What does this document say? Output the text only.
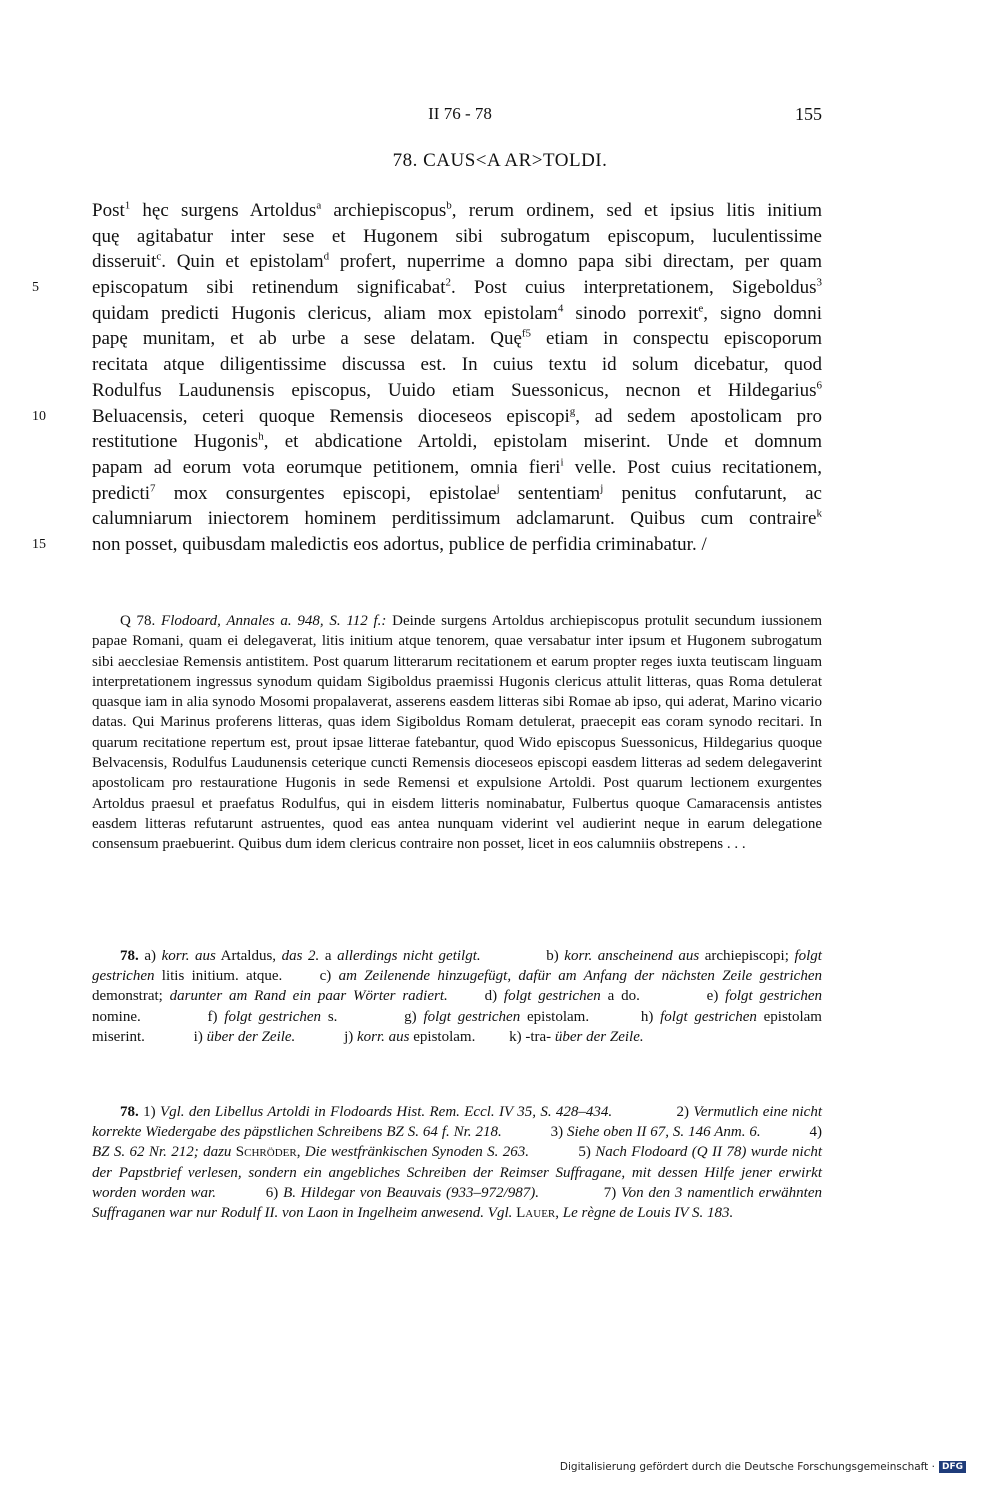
II 76 - 78	155
78. CAUS<A AR>TOLDI.
Post$^1$ hęc surgens Artoldus$^a$ archiepiscopus$^b$, rerum ordinem, sed et ipsius litis initium
quę agitabatur inter sese et Hugonem sibi subrogatum episcopum, luculentissime
disseruit$^c$. Quin et epistolam$^d$ profert, nuperrime a domno papa sibi directam, per quam
5	episcopatum sibi retinendum significabat$^2$. Post cuius interpretationem, Sigeboldus$^3$
quidam predicti Hugonis clericus, aliam mox epistolam$^4$ sinodo porrexit$^e$, signo domni
papę munitam, et ab urbe a sese delatam. Quę$^{f5}$ etiam in conspectu episcoporum
recitata atque diligentissime discussa est. In cuius textu id solum dicebatur, quod
Rodulfus Laudunensis episcopus, Uuido etiam Suessonicus, necnon et Hildegarius$^6$
10	Beluacensis, ceteri quoque Remensis dioceseos episcopi$^g$, ad sedem apostolicam pro
restitutione Hugonis$^h$, et abdicatione Artoldi, epistolam miserint. Unde et domnum
papam ad eorum vota eorumque petitionem, omnia fieri$^i$ velle. Post cuius recitationem,
predicti$^7$ mox consurgentes episcopi, epistolae$^j$ sententiam$^j$ penitus confutarunt, ac
calumniarum iniectorem hominem perditissimum adclamarunt. Quibus cum contraire$^k$
15	non posset, quibusdam maledictis eos adortus, publice de perfidia criminabatur. /

Q 78. Flodoard, Annales a. 948, S. 112 f.: Deinde surgens Artoldus archiepiscopus protulit secundum iussionem papae Romani, quam ei delegaverat, litis initium atque tenorem, quae versabatur inter ipsum et Hugonem subrogatum sibi aecclesiae Remensis antistitem. Post quarum litterarum recitationem et earum propter reges iuxta teutiscam linguam interpretationem ingressus synodum quidam Sigiboldus praemissi Hugonis clericus attulit litteras, quas Roma detulerat quasque iam in alia synodo Mosomi propalaverat, asserens easdem litteras sibi Romae ab ipso, qui aderat, Marino vicario datas. Qui Marinus proferens litteras, quas idem Sigiboldus Romam detulerat, praecepit eas coram synodo recitari. In quarum recitatione repertum est, prout ipsae litterae fatebantur, quod Wido episcopus Suessonicus, Hildegarius quoque Belvacensis, Rodulfus Laudunensis ceterique cuncti Remensis dioceseos episcopi easdem litteras ad sedem delegaverint apostolicam pro restauratione Hugonis in sede Remensi et expulsione Artoldi. Post quarum lectionem exurgentes Artoldus praesul et praefatus Rodulfus, qui in eisdem litteris nominabatur, Fulbertus quoque Camaracensis antistes easdem litteras refutarunt astruentes, quod eas antea nunquam viderint vel audierint neque in earum delegatione consensum praebuerint. Quibus dum idem clericus contraire non posset, licet in eos calumniis obstrepens . . .

78. a) korr. aus Artaldus, das 2. a allerdings nicht getilgt.     b) korr. anscheinend aus archiepiscopi; folgt gestrichen litis initium. atque.   c) am Zeilenende hinzugefügt, dafür am Anfang der nächsten Zeile gestrichen demonstrat; darunter am Rand ein paar Wörter radiert.   d) folgt gestrichen a do.     e) folgt gestrichen nomine.     f) folgt gestrichen s.     g) folgt gestrichen epistolam.    h) folgt gestrichen epistolam miserint.    i) über der Zeile.    j) korr. aus epistolam.   k) -tra- über der Zeile.

78. 1) Vgl. den Libellus Artoldi in Flodoards Hist. Rem. Eccl. IV 35, S. 428–434.     2) Vermutlich eine nicht korrekte Wiedergabe des päpstlichen Schreibens BZ S. 64 f. Nr. 218.    3) Siehe oben II 67, S. 146 Anm. 6.    4) BZ S. 62 Nr. 212; dazu Schröder, Die westfränkischen Synoden S. 263.    5) Nach Flodoard (Q II 78) wurde nicht der Papstbrief verlesen, sondern ein angebliches Schreiben der Reimser Suffragane, mit dessen Hilfe jener erwirkt worden worden war.    6) B. Hildegar von Beauvais (933–972/987).     7) Von den 3 namentlich erwähnten Suffraganen war nur Rodulf II. von Laon in Ingelheim anwesend. Vgl. Lauer, Le règne de Louis IV S. 183.

Digitalisierung gefördert durch die Deutsche Forschungsgemeinschaft · DFG
